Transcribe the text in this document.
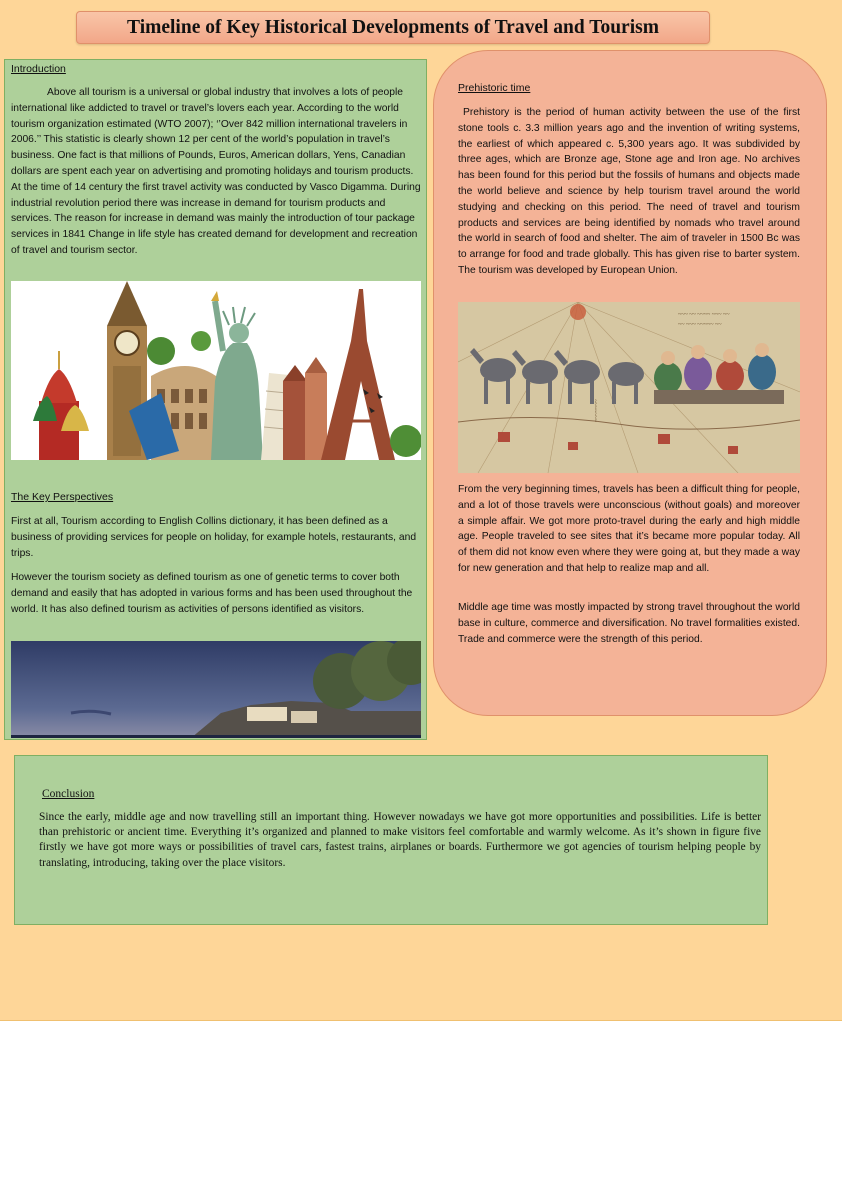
Timeline of Key Historical Developments of Travel and Tourism
Introduction

Above all tourism is a universal or global industry that involves a lots of people international like addicted to travel or travel’s lovers each year. According to the world tourism organization estimated (WTO 2007); ‘’Over 842 million international travelers in 2006.’’ This statistic is clearly shown 12 per cent of the world’s population in travel’s business. One fact is that millions of Pounds, Euros, American dollars, Yens, Canadian dollars are spent each year on advertising and promoting holidays and tourism products. At the time of 14 century the first travel activity was conducted by Vasco Digamma. During industrial revolution period there was increase in demand for tourism products and services. The reason for increase in demand was mainly the introduction of tour package services in 1841 Change in life style has created demand for development and recreation of travel and tourism sector.

The Key Perspectives

First at all, Tourism according to English Collins dictionary, it has been defined as a business of providing services for people on holiday, for example hotels, restaurants, and trips.

However the tourism society as defined tourism as one of genetic terms to cover both demand and easily that has adopted in various forms and has been used throughout the world. It has also defined tourism as activities of persons identified as visitors.

Prehistoric time

Prehistory is the period of human activity between the use of the first stone tools c. 3.3 million years ago and the invention of writing systems, the earliest of which appeared c. 5,300 years ago. It was subdivided by three ages, which are Bronze age, Stone age and Iron age. No archives has been found for this period but the fossils of humans and objects made the world believe and science by help tourism travel around the world studying and checking on this period. The need of travel and tourism products and services are being identified by nomads who travel around the world in search of food and shelter. The aim of traveler in 1500 Bc was to arrange for food and trade globally. This has given rise to barter system. The tourism was developed by European Union.

~~~ ~~ ~~~~ ~~~ ~~
~~ ~~~ ~~~~~ ~~
~~~~~~~

From the very beginning times, travels has been a difficult thing for people, and a lot of those travels were unconscious (without goals) and moreover a simple affair. We got more proto-travel during the early and high middle age. People traveled to see sites that it’s became more popular today. All of them did not know even where they were going at, but they made a way for new generation and that help to realize map and all.

Middle age time was mostly impacted by strong travel throughout the world base in culture, commerce and diversification. No travel formalities existed. Trade and commerce were the strength of this period.

Conclusion

Since the early, middle age and now travelling still an important thing. However nowadays we have got more opportunities and possibilities. Life is better than prehistoric or ancient time. Everything it’s organized and planned to make visitors feel comfortable and warmly welcome. As it’s shown in figure five firstly we have got more ways or possibilities of travel cars, fastest trains, airplanes or boards. Furthermore we got agencies of tourism helping people by translating, introducing, taking over the place visitors.
